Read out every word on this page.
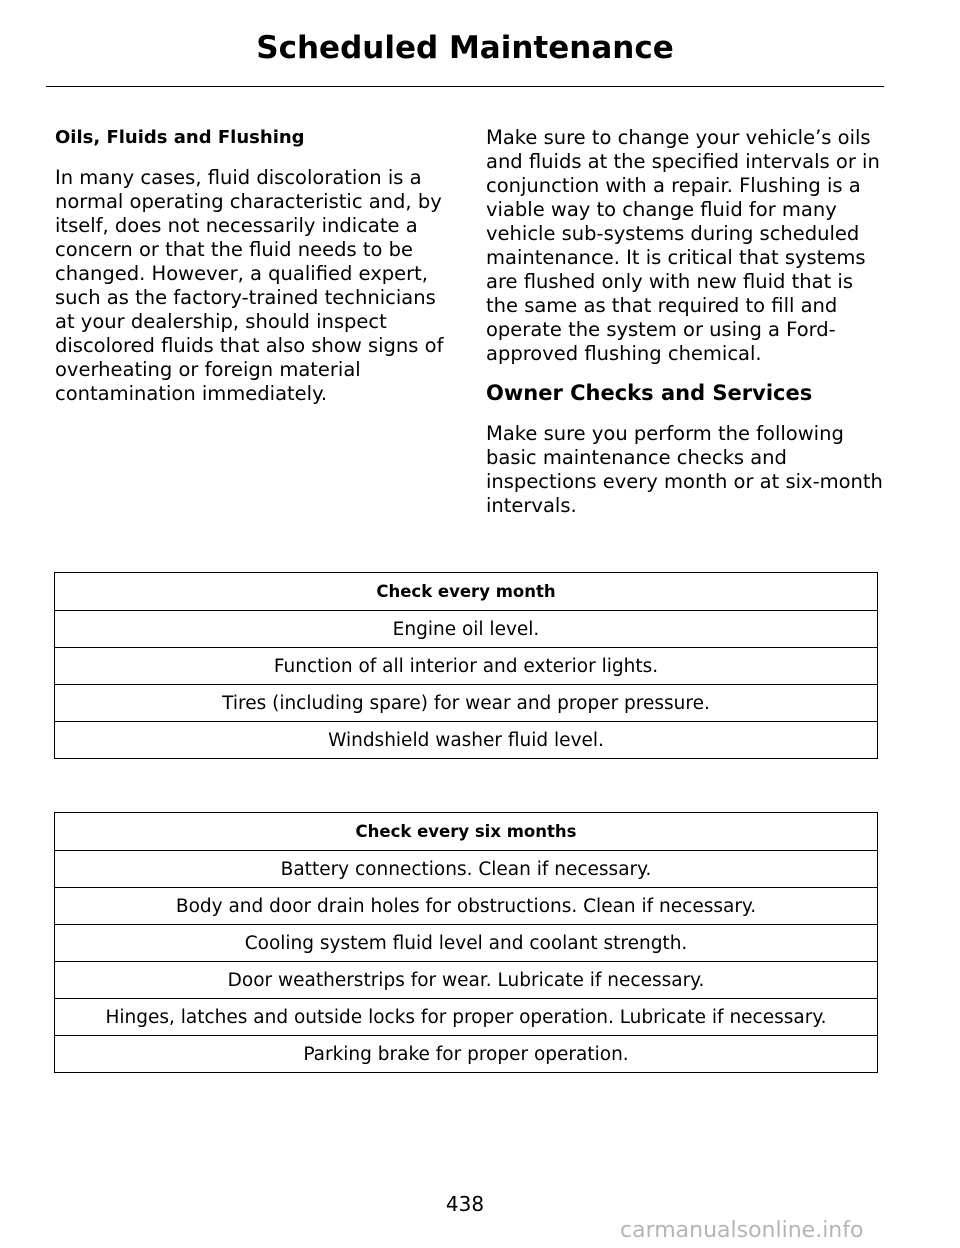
Scheduled Maintenance
Oils, Fluids and Flushing

In many cases, fluid discoloration is a normal operating characteristic and, by itself, does not necessarily indicate a concern or that the fluid needs to be changed. However, a qualified expert, such as the factory-trained technicians at your dealership, should inspect discolored fluids that also show signs of overheating or foreign material contamination immediately.

Make sure to change your vehicle’s oils and fluids at the specified intervals or in conjunction with a repair. Flushing is a viable way to change fluid for many vehicle sub-systems during scheduled maintenance. It is critical that systems are flushed only with new fluid that is the same as that required to fill and operate the system or using a Ford-approved flushing chemical.

Owner Checks and Services

Make sure you perform the following basic maintenance checks and inspections every month or at six-month intervals.

Check every month
Engine oil level.
Function of all interior and exterior lights.
Tires (including spare) for wear and proper pressure.
Windshield washer fluid level.
Check every six months
Battery connections. Clean if necessary.
Body and door drain holes for obstructions. Clean if necessary.
Cooling system fluid level and coolant strength.
Door weatherstrips for wear. Lubricate if necessary.
Hinges, latches and outside locks for proper operation. Lubricate if necessary.
Parking brake for proper operation.
438
carmanualsonline.info
